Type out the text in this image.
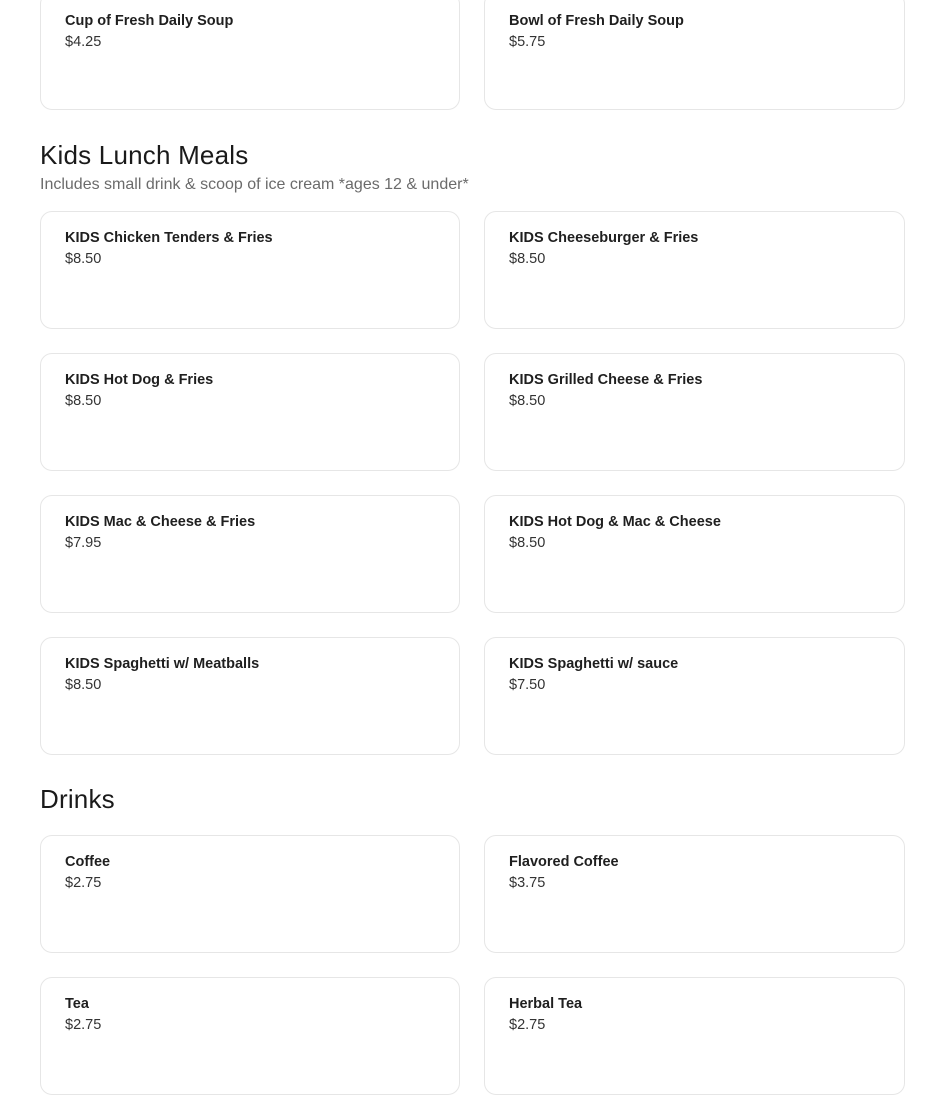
Cup of Fresh Daily Soup
$4.25
Bowl of Fresh Daily Soup
$5.75
Kids Lunch Meals
Includes small drink & scoop of ice cream *ages 12 & under*
KIDS Chicken Tenders & Fries
$8.50
KIDS Cheeseburger & Fries
$8.50
KIDS Hot Dog & Fries
$8.50
KIDS Grilled Cheese & Fries
$8.50
KIDS Mac & Cheese & Fries
$7.95
KIDS Hot Dog & Mac & Cheese
$8.50
KIDS Spaghetti w/ Meatballs
$8.50
KIDS Spaghetti w/ sauce
$7.50
Drinks
Coffee
$2.75
Flavored Coffee
$3.75
Tea
$2.75
Herbal Tea
$2.75
